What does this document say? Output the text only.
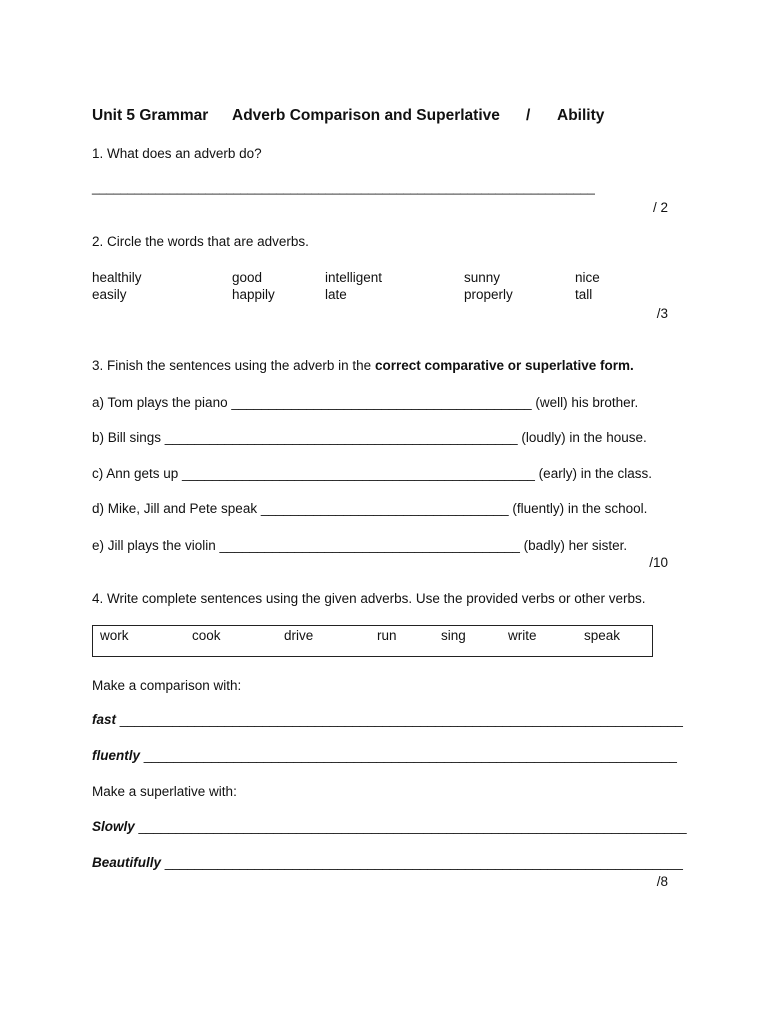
Unit 5 Grammar Adverb Comparison and Superlative / Ability
1. What does an adverb do?
_______________________________________________________________________
/ 2
2. Circle the words that are adverbs.
healthily	good	intelligent	sunny	nice
easily	happily	late	properly	tall
/3
3. Finish the sentences using the adverb in the correct comparative or superlative form.
a) Tom plays the piano ________________________________________ (well) his brother.
b) Bill sings _______________________________________________ (loudly) in the house.
c) Ann gets up _______________________________________________ (early) in the class.
d) Mike, Jill and Pete speak _________________________________ (fluently) in the school.
e) Jill plays the violin ________________________________________ (badly) her sister.
/10
4. Write complete sentences using the given adverbs. Use the provided verbs or other verbs.
work	cook	drive	run	sing	write	speak
Make a comparison with:
fast ___________________________________________________________________________
fluently _______________________________________________________________________
Make a superlative with:
Slowly _________________________________________________________________________
Beautifully _____________________________________________________________________
/8
